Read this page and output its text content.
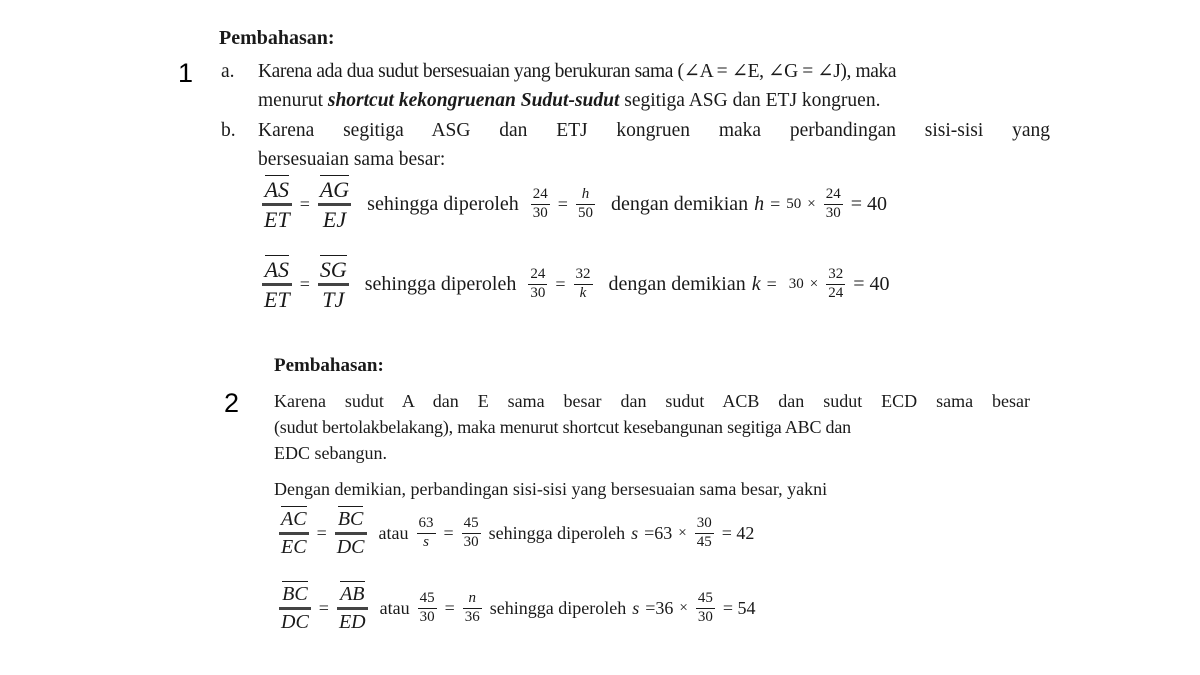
1
2
Pembahasan:
a. Karena ada dua sudut bersesuaian yang berukuran sama (∠A = ∠E, ∠G = ∠J), maka
menurut shortcut kekongruenan Sudut-sudut segitiga ASG dan ETJ kongruen.
b. Karena segitiga ASG dan ETJ kongruen maka perbandingan sisi-sisi yang
bersesuaian sama besar:
$\frac{AS}{ET} = \frac{AG}{EJ}$ sehingga diperoleh $\frac{24}{30} = \frac{h}{50}$ dengan demikian $h = 50 \times \frac{24}{30} = 40$
$\frac{AS}{ET} = \frac{SG}{TJ}$ sehingga diperoleh $\frac{24}{30} = \frac{32}{k}$ dengan demikian $k = 30 \times \frac{32}{24} = 40$
Pembahasan:
Karena sudut A dan E sama besar dan sudut ACB dan sudut ECD sama besar
(sudut bertolakbelakang), maka menurut shortcut kesebangunan segitiga ABC dan
EDC sebangun.
Dengan demikian, perbandingan sisi-sisi yang bersesuaian sama besar, yakni
$\frac{AC}{EC} = \frac{BC}{DC}$ atau $\frac{63}{s} = \frac{45}{30}$ sehingga diperoleh $s =63 \times \frac{30}{45} = 42$
$\frac{BC}{DC} = \frac{AB}{ED}$ atau $\frac{45}{30} = \frac{n}{36}$ sehingga diperoleh $s =36 \times \frac{45}{30} = 54$
